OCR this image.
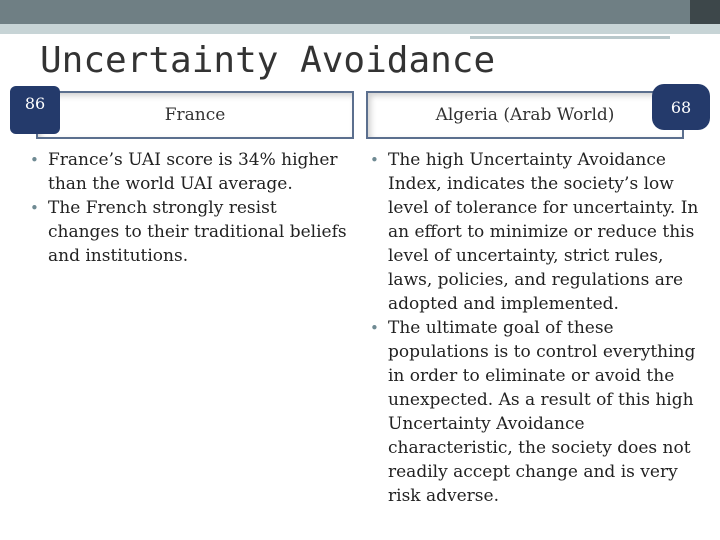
Uncertainty Avoidance
France	Algeria (Arab World)
86	68
• France’s UAI score is 34% higher than the world UAI average.
• The French strongly resist changes to their traditional beliefs and institutions.
• The high Uncertainty Avoidance Index, indicates the society’s low level of tolerance for uncertainty. In an effort to minimize or reduce this level of uncertainty, strict rules, laws, policies, and regulations are adopted and implemented.
• The ultimate goal of these populations is to control everything in order to eliminate or avoid the unexpected. As a result of this high Uncertainty Avoidance characteristic, the society does not readily accept change and is very risk adverse.
